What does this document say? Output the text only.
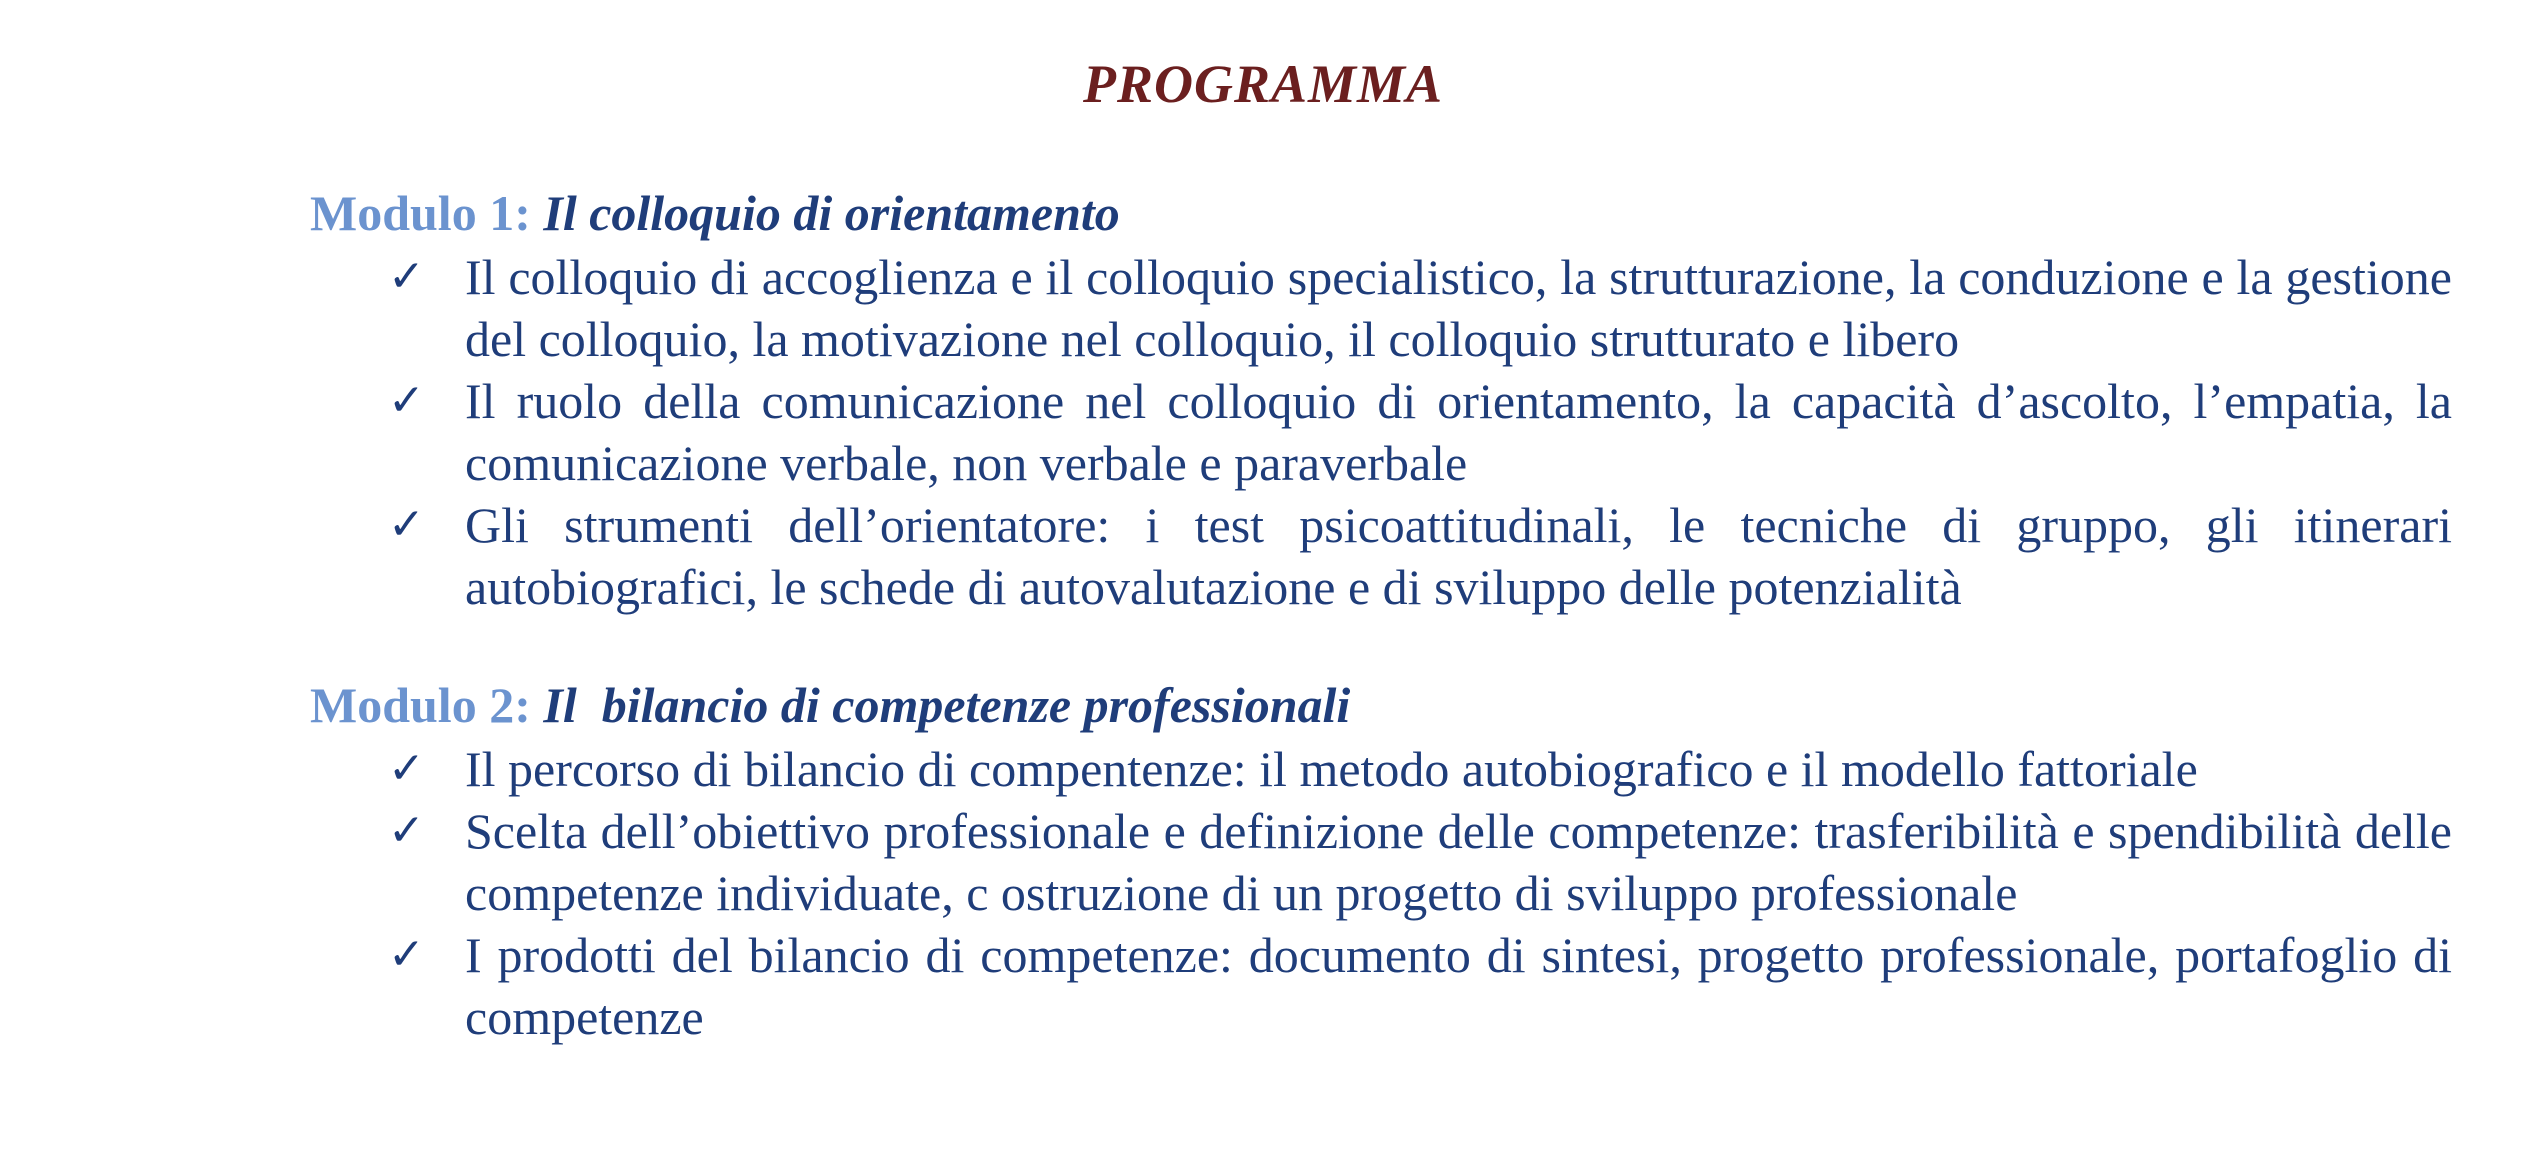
PROGRAMMA
Modulo 1: Il colloquio di orientamento
✓ Il colloquio di accoglienza e il colloquio specialistico, la strutturazione, la conduzione e la gestione del colloquio, la motivazione nel colloquio, il colloquio strutturato e libero
✓ Il ruolo della comunicazione nel colloquio di orientamento, la capacità d’ascolto, l’empatia, la comunicazione verbale, non verbale e paraverbale
✓ Gli strumenti dell’orientatore: i test psicoattitudinali, le tecniche di gruppo, gli itinerari autobiografici, le schede di autovalutazione e di sviluppo delle potenzialità
Modulo 2: Il  bilancio di competenze professionali
✓ Il percorso di bilancio di compentenze: il metodo autobiografico e il modello fattoriale
✓ Scelta dell’obiettivo professionale e definizione delle competenze: trasferibilità e spendibilità delle competenze individuate, c ostruzione di un progetto di sviluppo professionale
✓ I prodotti del bilancio di competenze: documento di sintesi, progetto professionale, portafoglio di competenze
